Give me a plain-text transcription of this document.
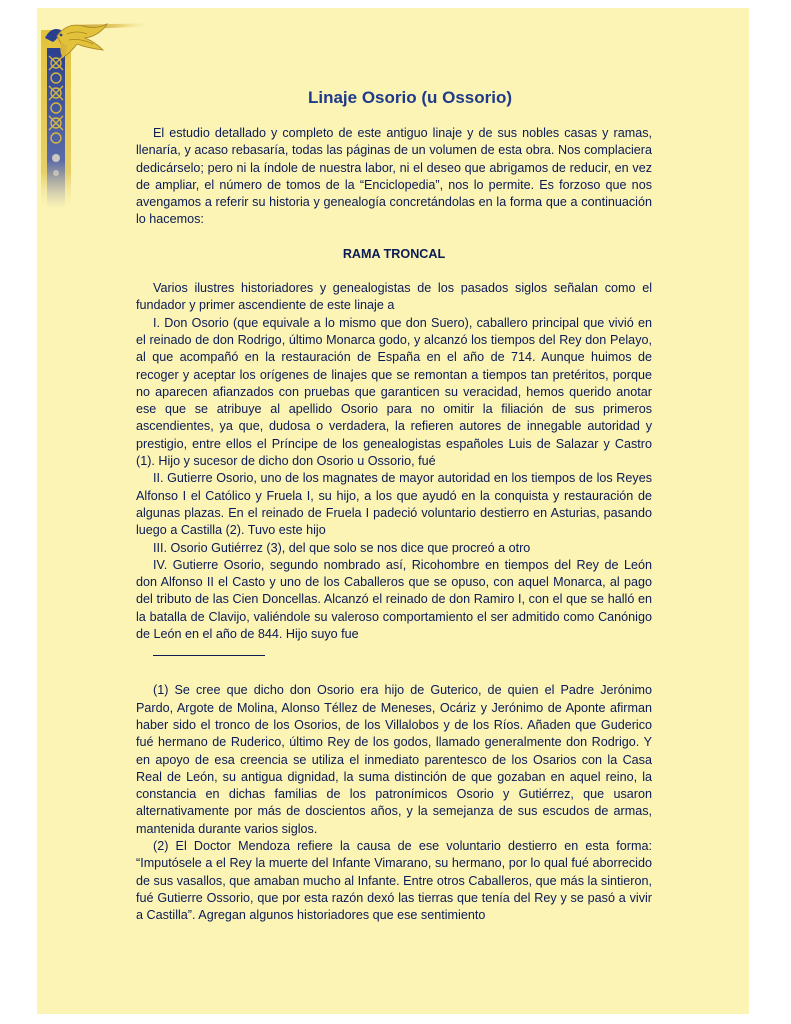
Linaje Osorio (u Ossorio)

El estudio detallado y completo de este antiguo linaje y de sus nobles casas y ramas, llenaría, y acaso rebasaría, todas las páginas de un volumen de esta obra. Nos complaciera dedicárselo; pero ni la índole de nuestra labor, ni el deseo que abrigamos de reducir, en vez de ampliar, el número de tomos de la “Enciclopedia”, nos lo permite. Es forzoso que nos avengamos a referir su historia y genealogía concretándolas en la forma que a continuación lo hacemos:

RAMA TRONCAL

Varios ilustres historiadores y genealogistas de los pasados siglos señalan como el fundador y primer ascendiente de este linaje a

I. Don Osorio (que equivale a lo mismo que don Suero), caballero principal que vivió en el reinado de don Rodrigo, último Monarca godo, y alcanzó los tiempos del Rey don Pelayo, al que acompañó en la restauración de España en el año de 714. Aunque huimos de recoger y aceptar los orígenes de linajes que se remontan a tiempos tan pretéritos, porque no aparecen afianzados con pruebas que garanticen su veracidad, hemos querido anotar ese que se atribuye al apellido Osorio para no omitir la filiación de sus primeros ascendientes, ya que, dudosa o verdadera, la refieren autores de innegable autoridad y prestigio, entre ellos el Príncipe de los genealogistas españoles Luis de Salazar y Castro (1). Hijo y sucesor de dicho don Osorio u Ossorio, fué

II. Gutierre Osorio, uno de los magnates de mayor autoridad en los tiempos de los Reyes Alfonso I el Católico y Fruela I, su hijo, a los que ayudó en la conquista y restauración de algunas plazas. En el reinado de Fruela I padeció voluntario destierro en Asturias, pasando luego a Castilla (2). Tuvo este hijo

III. Osorio Gutiérrez (3), del que solo se nos dice que procreó a otro

IV. Gutierre Osorio, segundo nombrado así, Ricohombre en tiempos del Rey de León don Alfonso II el Casto y uno de los Caballeros que se opuso, con aquel Monarca, al pago del tributo de las Cien Doncellas. Alcanzó el reinado de don Ramiro I, con el que se halló en la batalla de Clavijo, valiéndole su valeroso comportamiento el ser admitido como Canónigo de León en el año de 844. Hijo suyo fue

(1) Se cree que dicho don Osorio era hijo de Guterico, de quien el Padre Jerónimo Pardo, Argote de Molina, Alonso Téllez de Meneses, Ocáriz y Jerónimo de Aponte afirman haber sido el tronco de los Osorios, de los Villalobos y de los Ríos. Añaden que Guderico fué hermano de Ruderico, último Rey de los godos, llamado generalmente don Rodrigo. Y en apoyo de esa creencia se utiliza el inmediato parentesco de los Osarios con la Casa Real de León, su antigua dignidad, la suma distinción de que gozaban en aquel reino, la constancia en dichas familias de los patronímicos Osorio y Gutiérrez, que usaron alternativamente por más de doscientos años, y la semejanza de sus escudos de armas, mantenida durante varios siglos.

(2) El Doctor Mendoza refiere la causa de ese voluntario destierro en esta forma: “Imputósele a el Rey la muerte del Infante Vimarano, su hermano, por lo qual fué aborrecido de sus vasallos, que amaban mucho al Infante. Entre otros Caballeros, que más la sintieron, fué Gutierre Ossorio, que por esta razón dexó las tierras que tenía del Rey y se pasó a vivir a Castilla”. Agregan algunos historiadores que ese sentimiento
